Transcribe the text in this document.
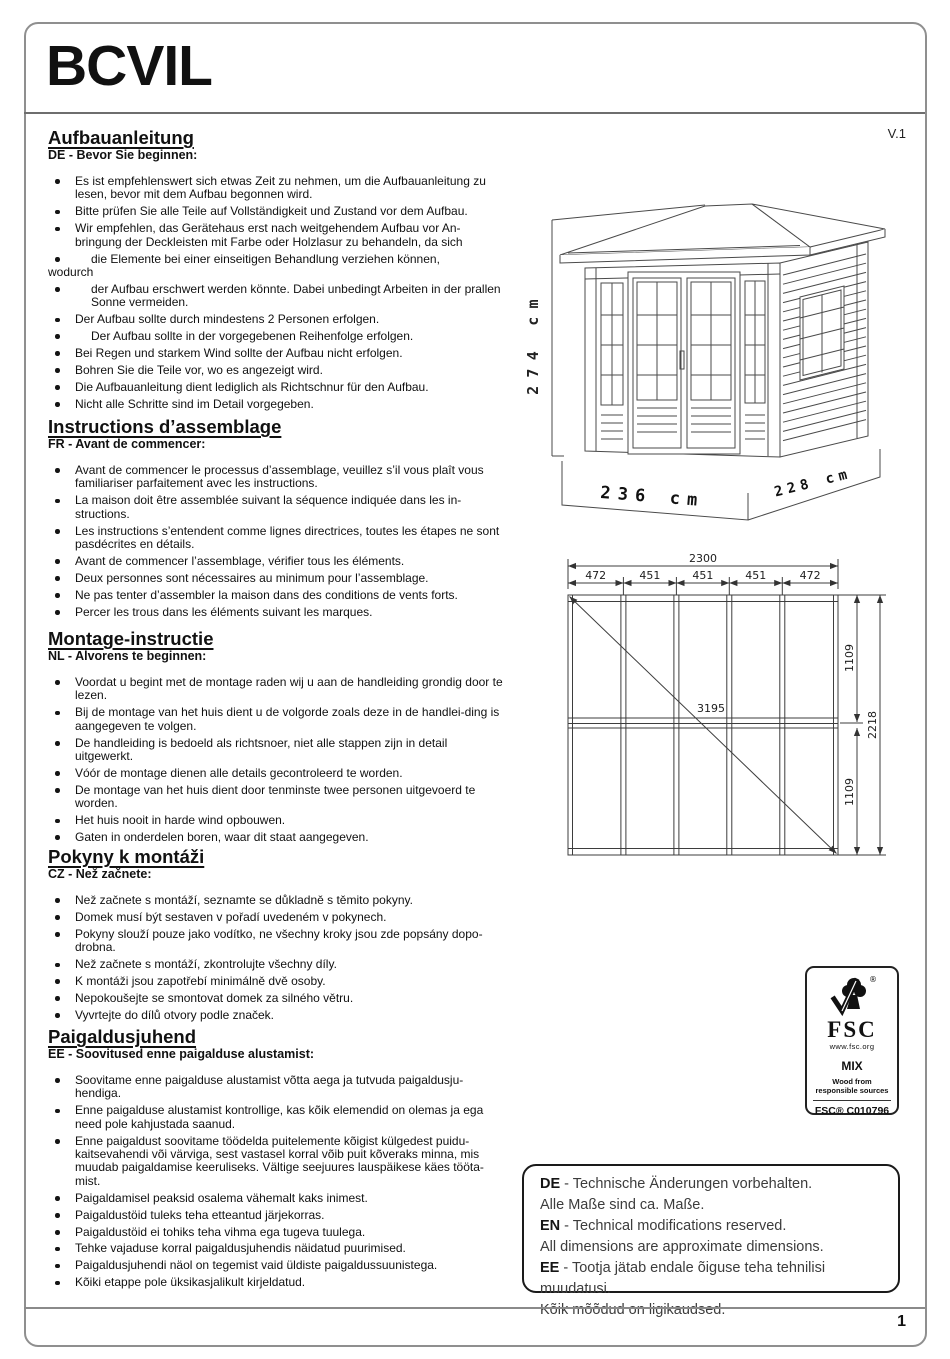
BCVIL
V.1
Aufbauanleitung
DE - Bevor Sie beginnen:
Es ist empfehlenswert sich etwas Zeit zu nehmen, um die Aufbauanleitung zu lesen, bevor mit dem Aufbau begonnen wird.
Bitte prüfen Sie alle Teile auf Vollständigkeit und Zustand vor dem Aufbau.
Wir empfehlen, das Gerätehaus erst nach weitgehendem Aufbau vor An-bringung der Deckleisten mit Farbe oder Holzlasur zu behandeln, da sich
die Elemente bei einer einseitigen Behandlung verziehen können,
wodurch
der Aufbau erschwert werden könnte. Dabei unbedingt Arbeiten in der prallen Sonne vermeiden.
Der Aufbau sollte durch mindestens 2 Personen erfolgen.
Der Aufbau sollte in der vorgegebenen Reihenfolge erfolgen.
Bei Regen und starkem Wind sollte der Aufbau nicht erfolgen.
Bohren Sie die Teile vor, wo es angezeigt wird.
Die Aufbauanleitung dient lediglich als Richtschnur für den Aufbau.
Nicht alle Schritte sind im Detail vorgegeben.
Instructions d’assemblage
FR - Avant de commencer:
Avant de commencer le processus d’assemblage, veuillez s’il vous plaît vous familiariser parfaitement avec les instructions.
La maison doit être assemblée suivant la séquence indiquée dans les in-structions.
Les instructions s’entendent comme lignes directrices, toutes les étapes ne sont pasdécrites en détails.
Avant de commencer l’assemblage, vérifier tous les éléments.
Deux personnes sont nécessaires au minimum pour l’assemblage.
Ne pas tenter d’assembler la maison dans des conditions de vents forts.
Percer les trous dans les éléments suivant les marques.
Montage-instructie
NL - Alvorens te beginnen:
Voordat u begint met de montage raden wij u aan de handleiding grondig door te lezen.
Bij de montage van het huis dient u de volgorde zoals deze in de handlei-ding is aangegeven te volgen.
De handleiding is bedoeld als richtsnoer, niet alle stappen zijn in detail uitgewerkt.
Vóór de montage dienen alle details gecontroleerd te worden.
De montage van het huis dient door tenminste twee personen uitgevoerd te worden.
Het huis nooit in harde wind opbouwen.
Gaten in onderdelen boren, waar dit staat aangegeven.
Pokyny k montáži
CZ - Než začnete:
Než začnete s montáží, seznamte se důkladně s těmito pokyny.
Domek musí být sestaven v pořadí uvedeném v pokynech.
Pokyny slouží pouze jako vodítko, ne všechny kroky jsou zde popsány dopo-drobna.
Než začnete s montáží, zkontrolujte všechny díly.
K montáži jsou zapotřebí minimálně dvě osoby.
Nepokoušejte se smontovat domek za silného větru.
Vyvrtejte do dílů otvory podle značek.
Paigaldusjuhend
EE - Soovitused enne paigalduse alustamist:
Soovitame enne paigalduse alustamist võtta aega ja tutvuda paigaldusju-hendiga.
Enne paigalduse alustamist kontrollige, kas kõik elemendid on olemas ja ega need pole kahjustada saanud.
Enne paigaldust soovitame töödelda puitelemente kõigist külgedest puidu-kaitsevahendi või värviga, sest vastasel korral võib puit kõveraks minna, mis muudab paigaldamise keeruliseks. Vältige seejuures lauspäikese käes tööta-mist.
Paigaldamisel peaksid osalema vähemalt kaks inimest.
Paigaldustöid tuleks teha etteantud järjekorras.
Paigaldustöid ei tohiks teha vihma ega tugeva tuulega.
Tehke vajaduse korral paigaldusjuhendis näidatud puurimised.
Paigaldusjuhendi näol on tegemist vaid üldiste paigaldussuunistega.
Kõiki etappe pole üksikasjalikult kirjeldatud.
274 cm
236 cm	228 cm
2300
472	451	451	451	472
3195
1109
1109
2218
®
FSC
www.fsc.org
MIX
Wood from responsible sources
FSC® C010796
DE - Technische Änderungen vorbehalten.
Alle Maße sind ca. Maße.
EN - Technical modifications reserved.
All dimensions are approximate dimensions.
EE - Tootja jätab endale õiguse teha tehnilisi muudatusi.
Kõik mõõdud on ligikaudsed.
1
